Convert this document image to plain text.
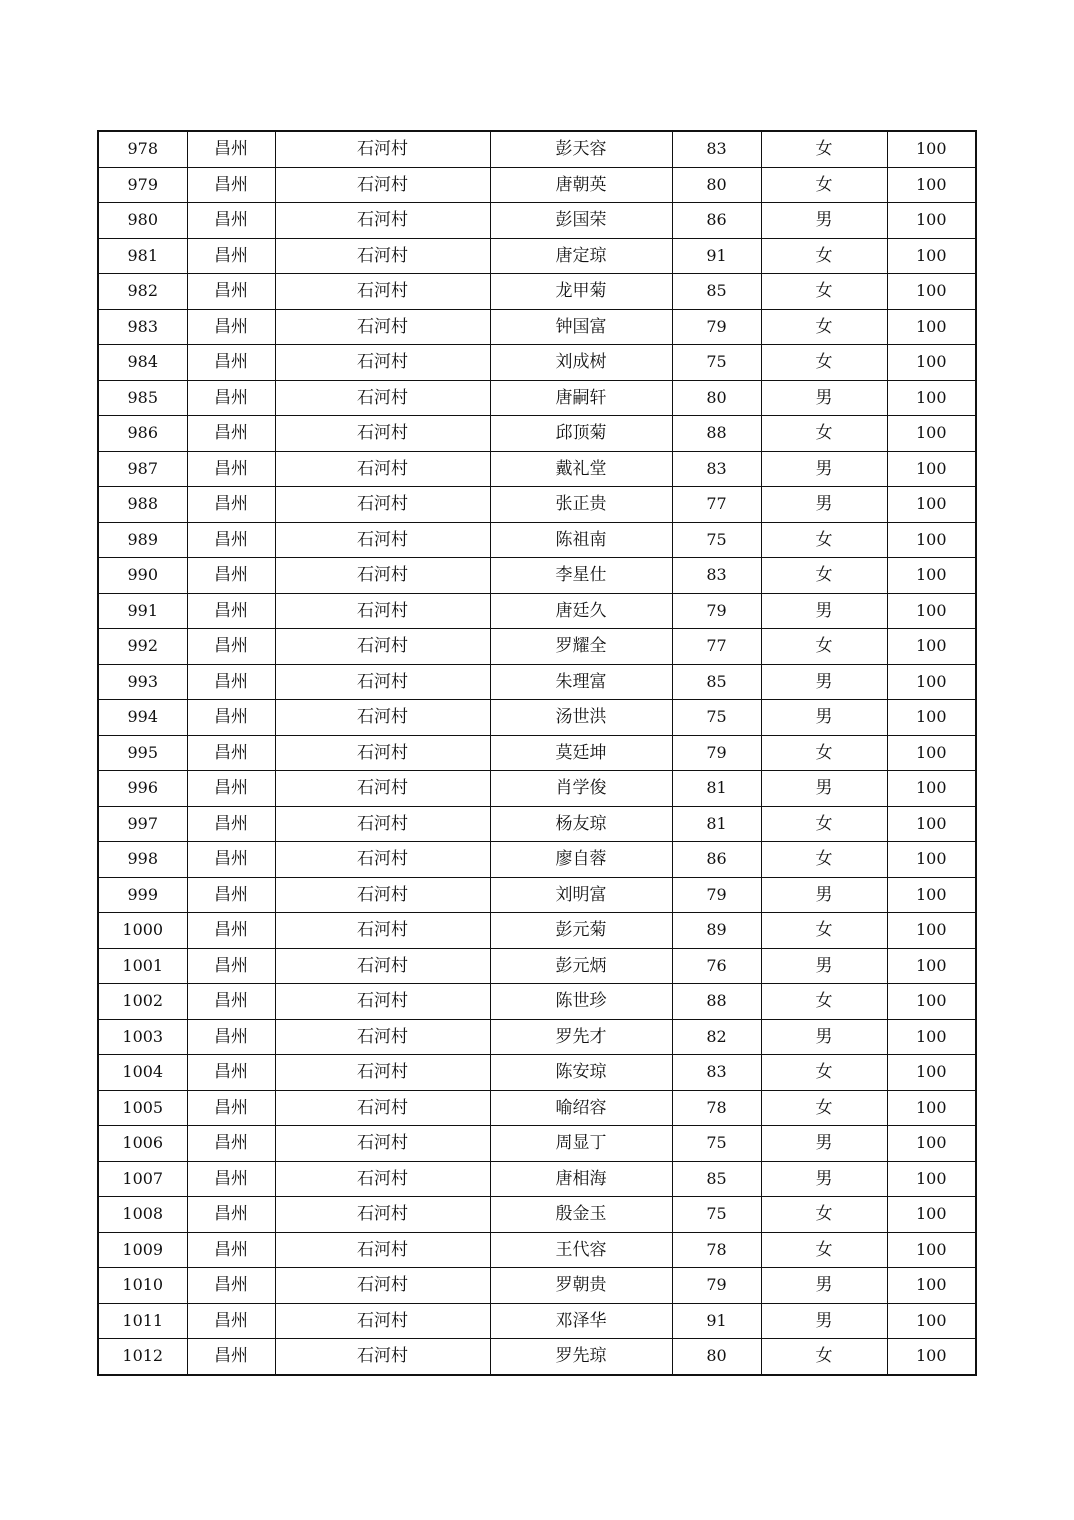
978	昌州	石河村	彭天容	83	女	100
979	昌州	石河村	唐朝英	80	女	100
980	昌州	石河村	彭国荣	86	男	100
981	昌州	石河村	唐定琼	91	女	100
982	昌州	石河村	龙甲菊	85	女	100
983	昌州	石河村	钟国富	79	女	100
984	昌州	石河村	刘成树	75	女	100
985	昌州	石河村	唐嗣轩	80	男	100
986	昌州	石河村	邱顶菊	88	女	100
987	昌州	石河村	戴礼堂	83	男	100
988	昌州	石河村	张正贵	77	男	100
989	昌州	石河村	陈祖南	75	女	100
990	昌州	石河村	李星仕	83	女	100
991	昌州	石河村	唐廷久	79	男	100
992	昌州	石河村	罗耀全	77	女	100
993	昌州	石河村	朱理富	85	男	100
994	昌州	石河村	汤世洪	75	男	100
995	昌州	石河村	莫廷坤	79	女	100
996	昌州	石河村	肖学俊	81	男	100
997	昌州	石河村	杨友琼	81	女	100
998	昌州	石河村	廖自蓉	86	女	100
999	昌州	石河村	刘明富	79	男	100
1000	昌州	石河村	彭元菊	89	女	100
1001	昌州	石河村	彭元炳	76	男	100
1002	昌州	石河村	陈世珍	88	女	100
1003	昌州	石河村	罗先才	82	男	100
1004	昌州	石河村	陈安琼	83	女	100
1005	昌州	石河村	喻绍容	78	女	100
1006	昌州	石河村	周显丁	75	男	100
1007	昌州	石河村	唐相海	85	男	100
1008	昌州	石河村	殷金玉	75	女	100
1009	昌州	石河村	王代容	78	女	100
1010	昌州	石河村	罗朝贵	79	男	100
1011	昌州	石河村	邓泽华	91	男	100
1012	昌州	石河村	罗先琼	80	女	100
